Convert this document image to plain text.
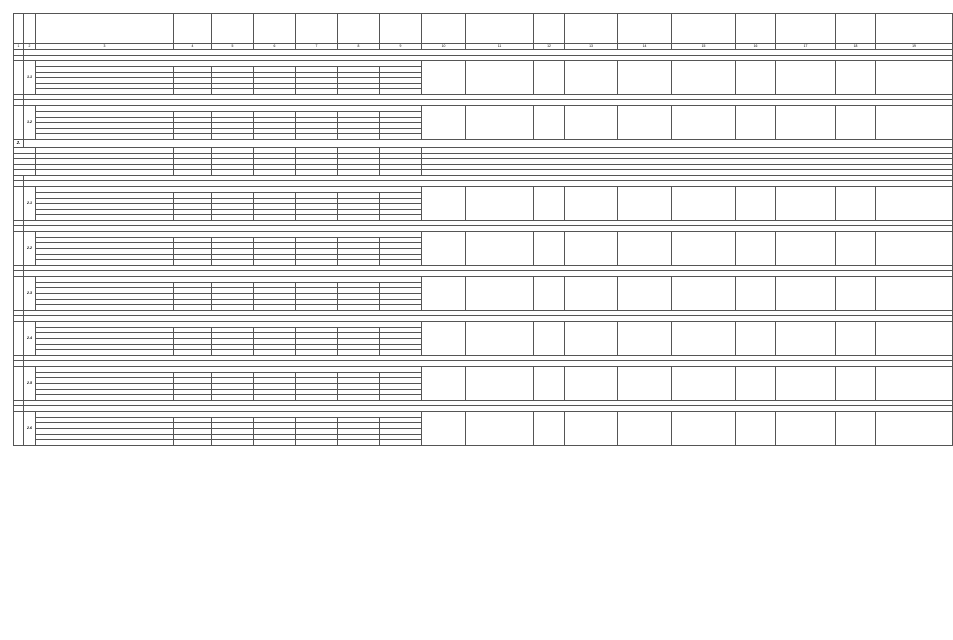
1	2	3	4	5	6	7	8	9	10	11	12	13	14	15	16	17	18	19	

	1.1																		

	1.2																		

2.																			

	2.1																		

	2.2																		

	2.3																		

	2.4																		

	2.5																		

	2.6																		
